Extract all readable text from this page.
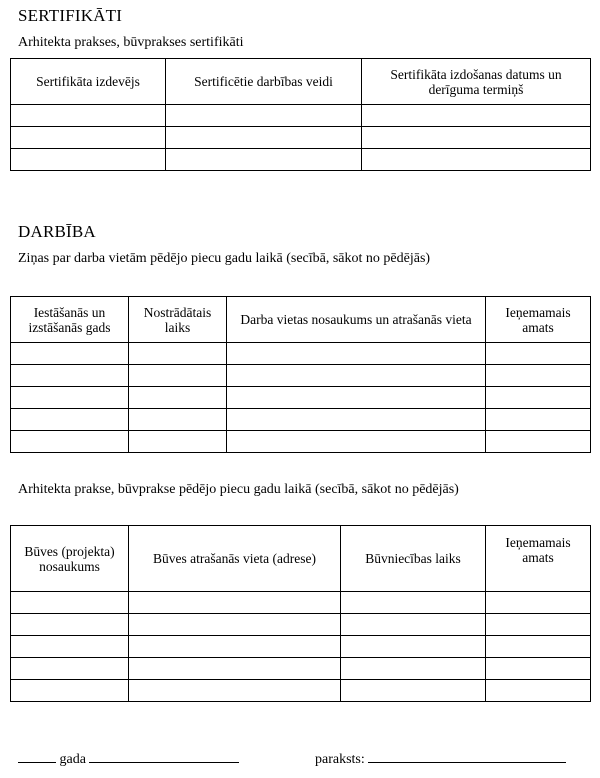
SERTIFIKĀTI
Arhitekta prakses, būvprakses sertifikāti
Sertifikāta izdevējs	Sertificētie darbības veidi	Sertifikāta izdošanas datums un derīguma termiņš

DARBĪBA
Ziņas par darba vietām pēdējo piecu gadu laikā (secībā, sākot no pēdējās)
Iestāšanās un izstāšanās gads	Nostrādātais laiks	Darba vietas nosaukums un atrašanās vieta	Ieņemamais amats

Arhitekta prakse, būvprakse pēdējo piecu gadu laikā (secībā, sākot no pēdējās)
Būves (projekta) nosaukums	Būves atrašanās vieta (adrese)	Būvniecības laiks	Ieņemamais amats

gada	paraksts:
